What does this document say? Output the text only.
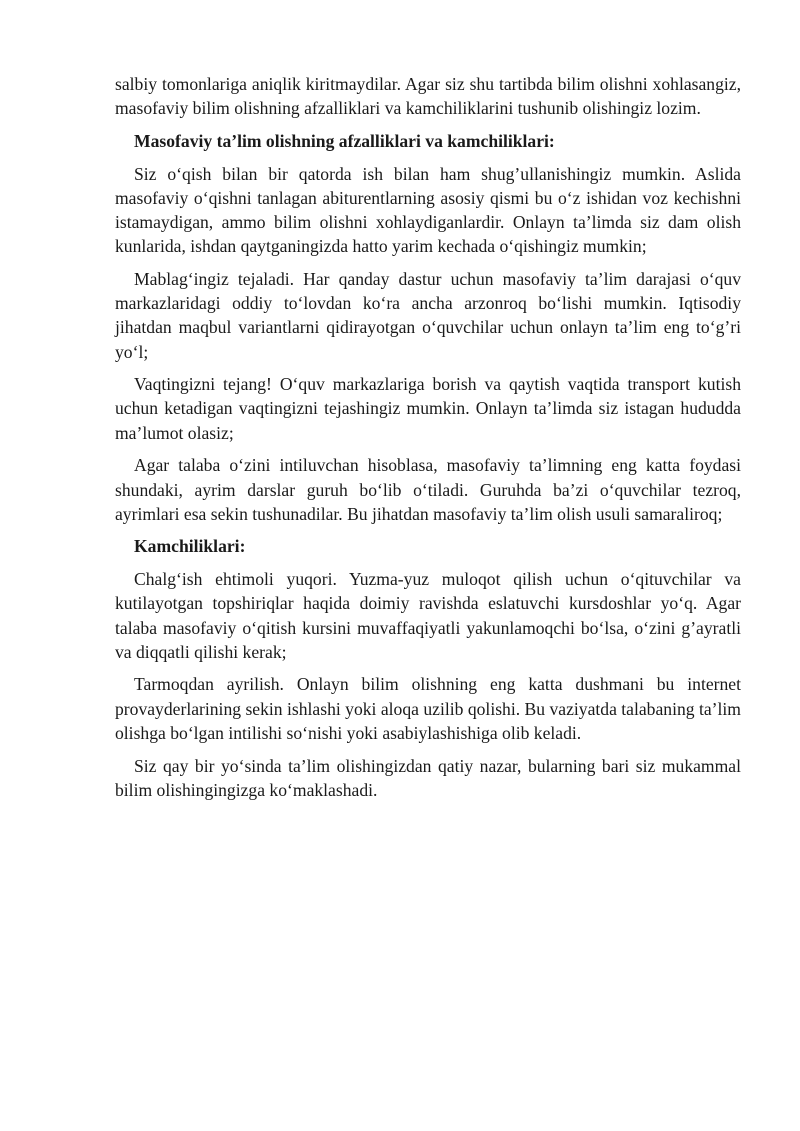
salbiy tomonlariga aniqlik kiritmaydilar. Agar siz shu tartibda bilim olishni xohlasangiz, masofaviy bilim olishning afzalliklari va kamchiliklarini tushunib olishingiz lozim.

Masofaviy ta’lim olishning afzalliklari va kamchiliklari:

Siz o‘qish bilan bir qatorda ish bilan ham shug’ullanishingiz mumkin. Aslida masofaviy o‘qishni tanlagan abiturentlarning asosiy qismi bu o‘z ishidan voz kechishni istamaydigan, ammo bilim olishni xohlaydiganlardir. Onlayn ta’limda siz dam olish kunlarida, ishdan qaytganingizda hatto yarim kechada o‘qishingiz mumkin;

Mablag‘ingiz tejaladi. Har qanday dastur uchun masofaviy ta’lim darajasi o‘quv markazlaridagi oddiy to‘lovdan ko‘ra ancha arzonroq bo‘lishi mumkin. Iqtisodiy jihatdan maqbul variantlarni qidirayotgan o‘quvchilar uchun onlayn ta’lim eng to‘g’ri yo‘l;

Vaqtingizni tejang! O‘quv markazlariga borish va qaytish vaqtida transport kutish uchun ketadigan vaqtingizni tejashingiz mumkin. Onlayn ta’limda siz istagan hududda ma’lumot olasiz;

Agar talaba o‘zini intiluvchan hisoblasa, masofaviy ta’limning eng katta foydasi shundaki, ayrim darslar guruh bo‘lib o‘tiladi. Guruhda ba’zi o‘quvchilar tezroq, ayrimlari esa sekin tushunadilar. Bu jihatdan masofaviy ta’lim olish usuli samaraliroq;

Kamchiliklari:

Chalg‘ish ehtimoli yuqori. Yuzma-yuz muloqot qilish uchun o‘qituvchilar va kutilayotgan topshiriqlar haqida doimiy ravishda eslatuvchi kursdoshlar yo‘q. Agar talaba masofaviy o‘qitish kursini muvaffaqiyatli yakunlamoqchi bo‘lsa, o‘zini g’ayratli va diqqatli qilishi kerak;

Tarmoqdan ayrilish. Onlayn bilim olishning eng katta dushmani bu internet provayderlarining sekin ishlashi yoki aloqa uzilib qolishi. Bu vaziyatda talabaning ta’lim olishga bo‘lgan intilishi so‘nishi yoki asabiylashishiga olib keladi.

Siz qay bir yo‘sinda ta’lim olishingizdan qatiy nazar, bularning bari siz mukammal bilim olishingingizga ko‘maklashadi.
